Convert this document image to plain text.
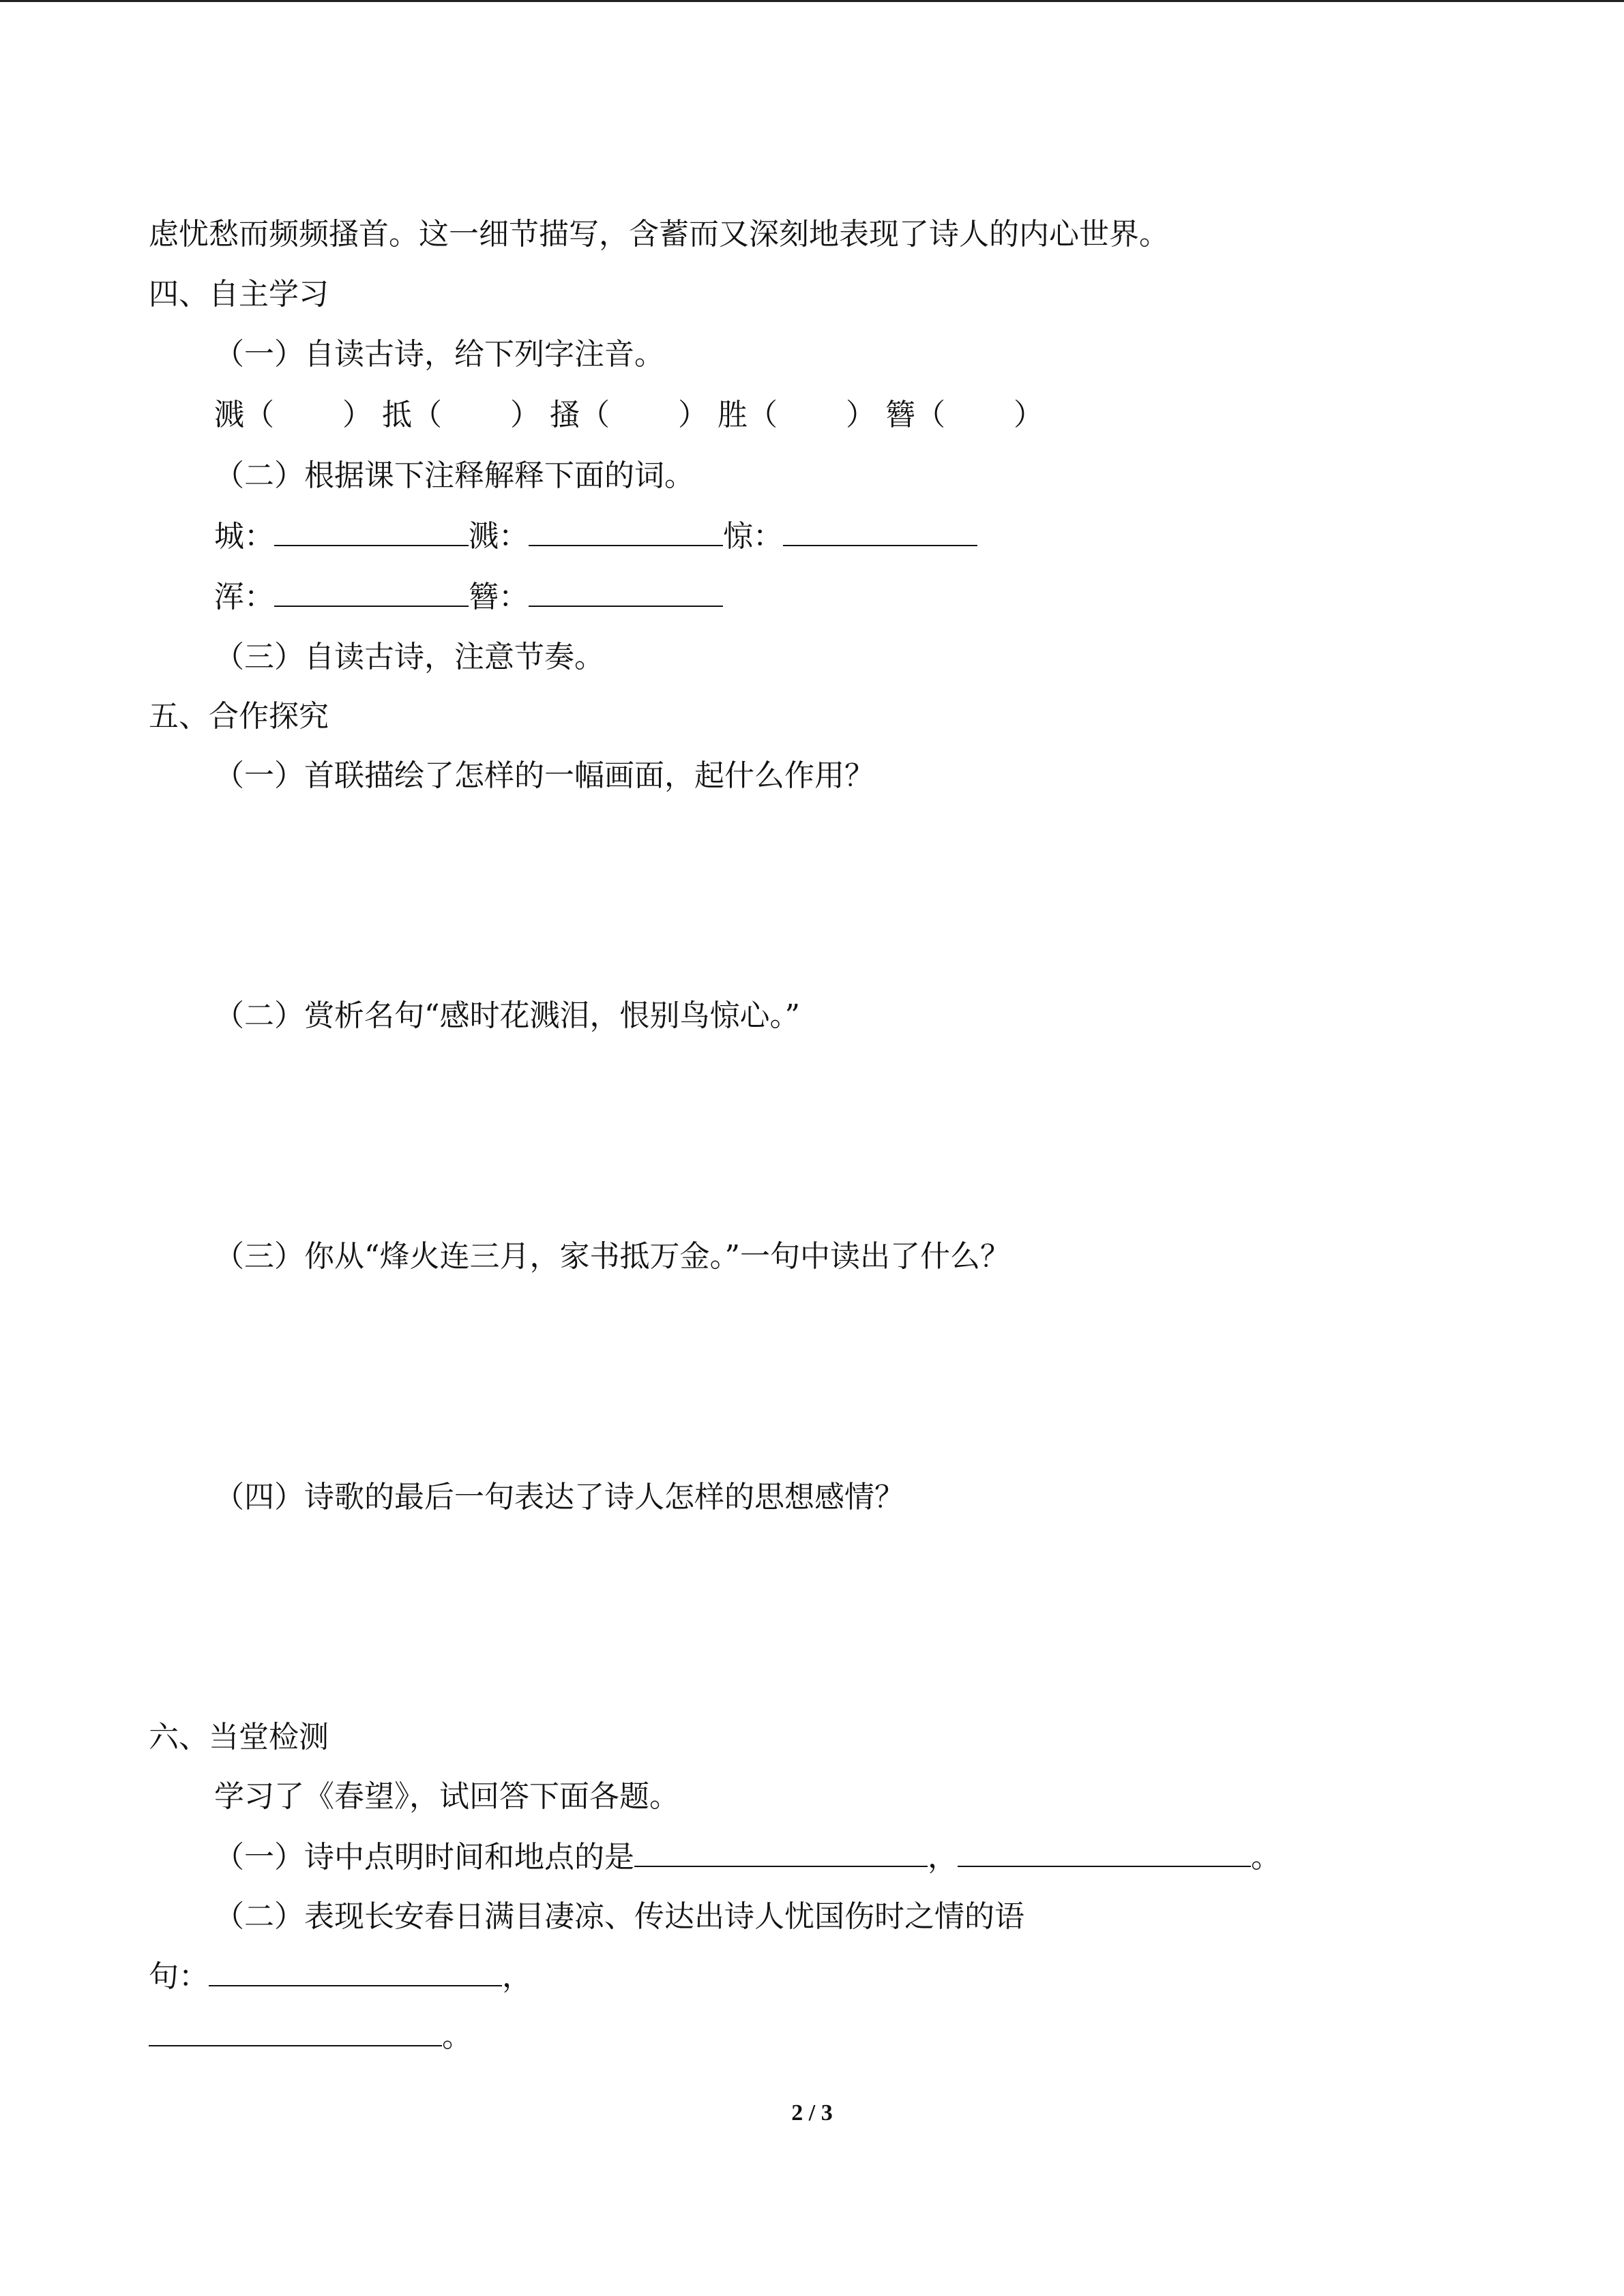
虑忧愁而频频搔首。这一细节描写，含蓄而又深刻地表现了诗人的内心世界。
四、自主学习
（一）自读古诗，给下列字注音。
溅（ ） 抵（ ） 搔（ ） 胜（ ） 簪（ ）
（二）根据课下注释解释下面的词。
城：	溅：	惊：
浑：	簪：
（三）自读古诗，注意节奏。
五、合作探究
（一）首联描绘了怎样的一幅画面，起什么作用？
（二）赏析名句“感时花溅泪，恨别鸟惊心。”
（三）你从“烽火连三月，家书抵万金。”一句中读出了什么？
（四）诗歌的最后一句表达了诗人怎样的思想感情？
六、当堂检测
学习了《春望》，试回答下面各题。
（一）诗中点明时间和地点的是	，	。
（二）表现长安春日满目凄凉、传达出诗人忧国伤时之情的语
句：	，
。
2 / 3
